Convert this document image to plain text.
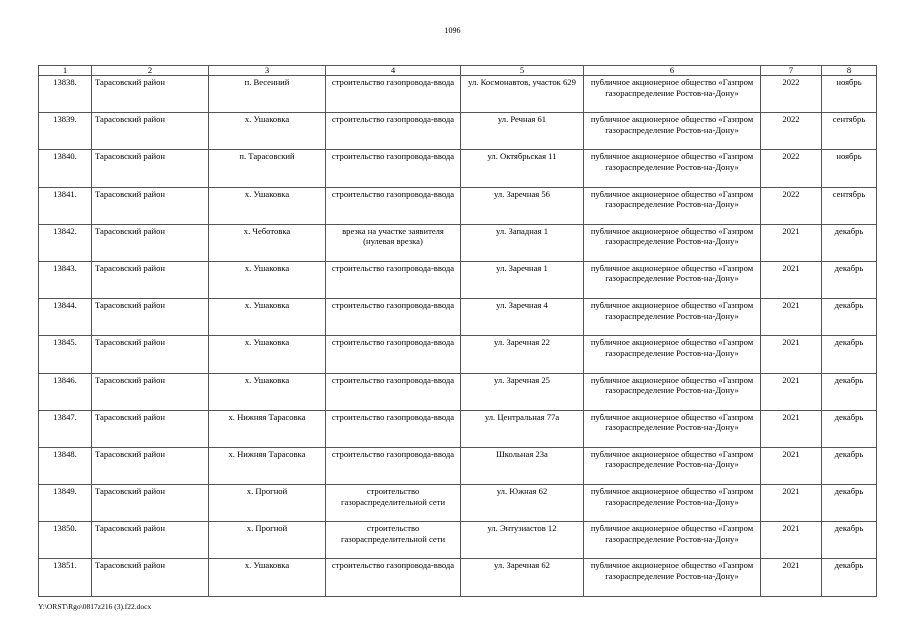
1096
1	2	3	4	5	6	7	8
13838.	Тарасовский район	п. Весенний	строительство газопровода-ввода	ул. Космонавтов, участок 629	публичное акционерное общество «Газпром газораспределение Ростов-на-Дону»	2022	ноябрь
13839.	Тарасовский район	х. Ушаковка	строительство газопровода-ввода	ул. Речная 61	публичное акционерное общество «Газпром газораспределение Ростов-на-Дону»	2022	сентябрь
13840.	Тарасовский район	п. Тарасовский	строительство газопровода-ввода	ул. Октябрьская 11	публичное акционерное общество «Газпром газораспределение Ростов-на-Дону»	2022	ноябрь
13841.	Тарасовский район	х. Ушаковка	строительство газопровода-ввода	ул. Заречная 56	публичное акционерное общество «Газпром газораспределение Ростов-на-Дону»	2022	сентябрь
13842.	Тарасовский район	х. Чеботовка	врезка на участке заявителя (нулевая врезка)	ул. Западная 1	публичное акционерное общество «Газпром газораспределение Ростов-на-Дону»	2021	декабрь
13843.	Тарасовский район	х. Ушаковка	строительство газопровода-ввода	ул. Заречная 1	публичное акционерное общество «Газпром газораспределение Ростов-на-Дону»	2021	декабрь
13844.	Тарасовский район	х. Ушаковка	строительство газопровода-ввода	ул. Заречная 4	публичное акционерное общество «Газпром газораспределение Ростов-на-Дону»	2021	декабрь
13845.	Тарасовский район	х. Ушаковка	строительство газопровода-ввода	ул. Заречная 22	публичное акционерное общество «Газпром газораспределение Ростов-на-Дону»	2021	декабрь
13846.	Тарасовский район	х. Ушаковка	строительство газопровода-ввода	ул. Заречная 25	публичное акционерное общество «Газпром газораспределение Ростов-на-Дону»	2021	декабрь
13847.	Тарасовский район	х. Нижняя Тарасовка	строительство газопровода-ввода	ул. Центральная 77а	публичное акционерное общество «Газпром газораспределение Ростов-на-Дону»	2021	декабрь
13848.	Тарасовский район	х. Нижняя Тарасовка	строительство газопровода-ввода	Школьная 23а	публичное акционерное общество «Газпром газораспределение Ростов-на-Дону»	2021	декабрь
13849.	Тарасовский район	х. Прогной	строительство газораспределительной сети	ул. Южная 62	публичное акционерное общество «Газпром газораспределение Ростов-на-Дону»	2021	декабрь
13850.	Тарасовский район	х. Прогной	строительство газораспределительной сети	ул. Энтузиастов 12	публичное акционерное общество «Газпром газораспределение Ростов-на-Дону»	2021	декабрь
13851.	Тарасовский район	х. Ушаковка	строительство газопровода-ввода	ул. Заречная 62	публичное акционерное общество «Газпром газораспределение Ростов-на-Дону»	2021	декабрь
Y:\ORST\Rgo\0817z216 (3).f22.docx
